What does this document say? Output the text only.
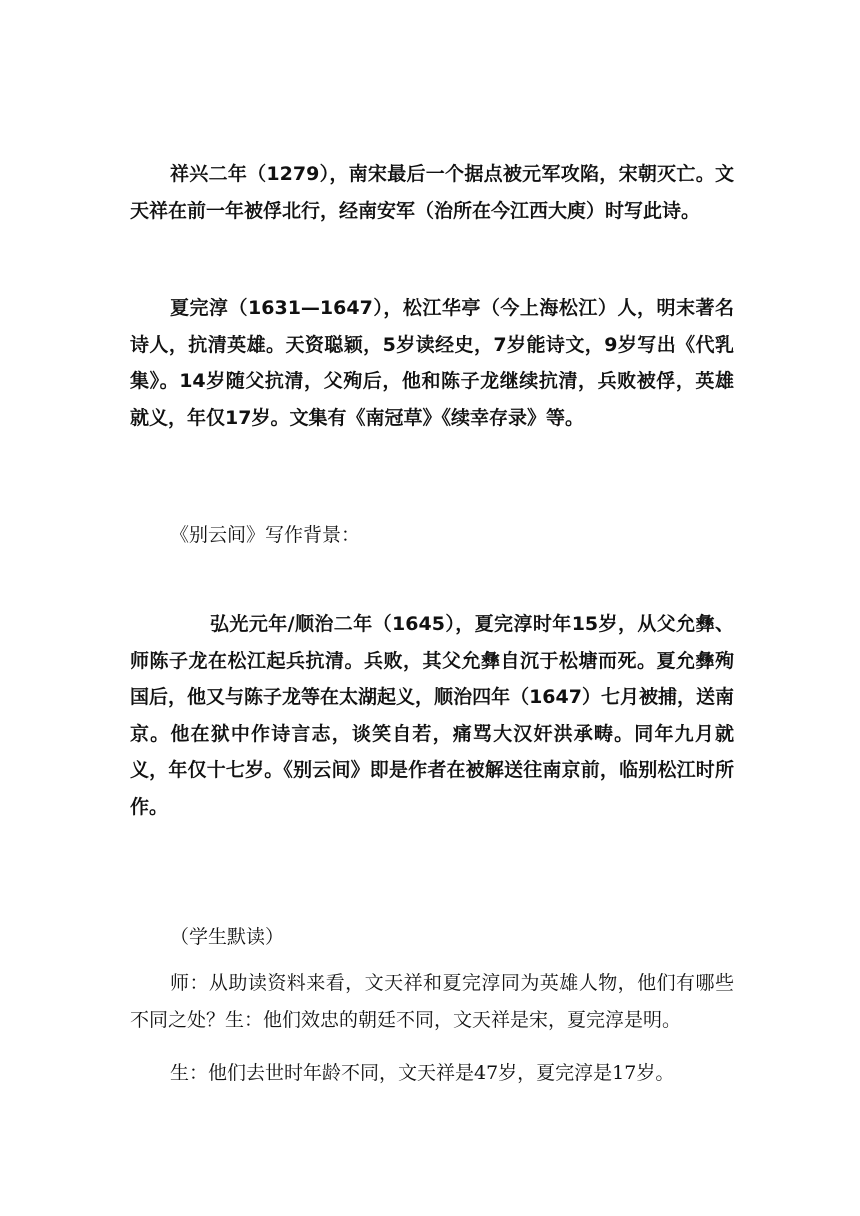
祥兴二年（1279），南宋最后一个据点被元军攻陷，宋朝灭亡。文天祥在前一年被俘北行，经南安军（治所在今江西大庾）时写此诗。

夏完淳（1631—1647），松江华亭（今上海松江）人，明末著名诗人，抗清英雄。天资聪颖，5岁读经史，7岁能诗文，9岁写出《代乳集》。14岁随父抗清，父殉后，他和陈子龙继续抗清，兵败被俘，英雄就义，年仅17岁。文集有《南冠草》《续幸存录》等。

《别云间》写作背景：

弘光元年/顺治二年（1645），夏完淳时年15岁，从父允彝、师陈子龙在松江起兵抗清。兵败，其父允彝自沉于松塘而死。夏允彝殉国后，他又与陈子龙等在太湖起义，顺治四年（1647）七月被捕，送南京。他在狱中作诗言志，谈笑自若，痛骂大汉奸洪承畴。同年九月就义，年仅十七岁。《别云间》即是作者在被解送往南京前，临别松江时所作。

（学生默读）

师：从助读资料来看，文天祥和夏完淳同为英雄人物，他们有哪些不同之处？生：他们效忠的朝廷不同，文天祥是宋，夏完淳是明。

生：他们去世时年龄不同，文天祥是47岁，夏完淳是17岁。
